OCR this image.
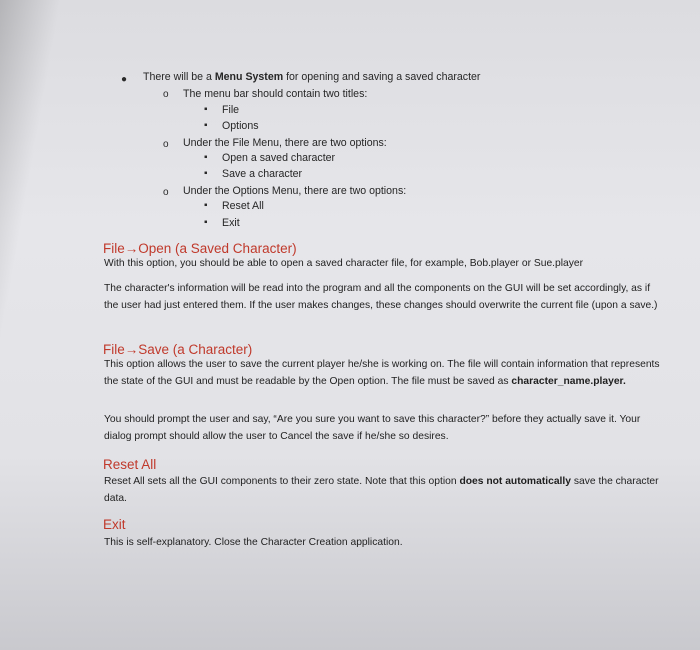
● There will be a Menu System for opening and saving a saved character
o The menu bar should contain two titles:
▪ File
▪ Options
o Under the File Menu, there are two options:
▪ Open a saved character
▪ Save a character
o Under the Options Menu, there are two options:
▪ Reset All
▪ Exit
File→Open (a Saved Character)
With this option, you should be able to open a saved character file, for example, Bob.player or Sue.player
The character's information will be read into the program and all the components on the GUI will be set accordingly, as if the user had just entered them. If the user makes changes, these changes should overwrite the current file (upon a save.)
File→Save (a Character)
This option allows the user to save the current player he/she is working on. The file will contain information that represents the state of the GUI and must be readable by the Open option. The file must be saved as character_name.player.
You should prompt the user and say, “Are you sure you want to save this character?” before they actually save it. Your dialog prompt should allow the user to Cancel the save if he/she so desires.
Reset All
Reset All sets all the GUI components to their zero state. Note that this option does not automatically save the character data.
Exit
This is self-explanatory. Close the Character Creation application.
